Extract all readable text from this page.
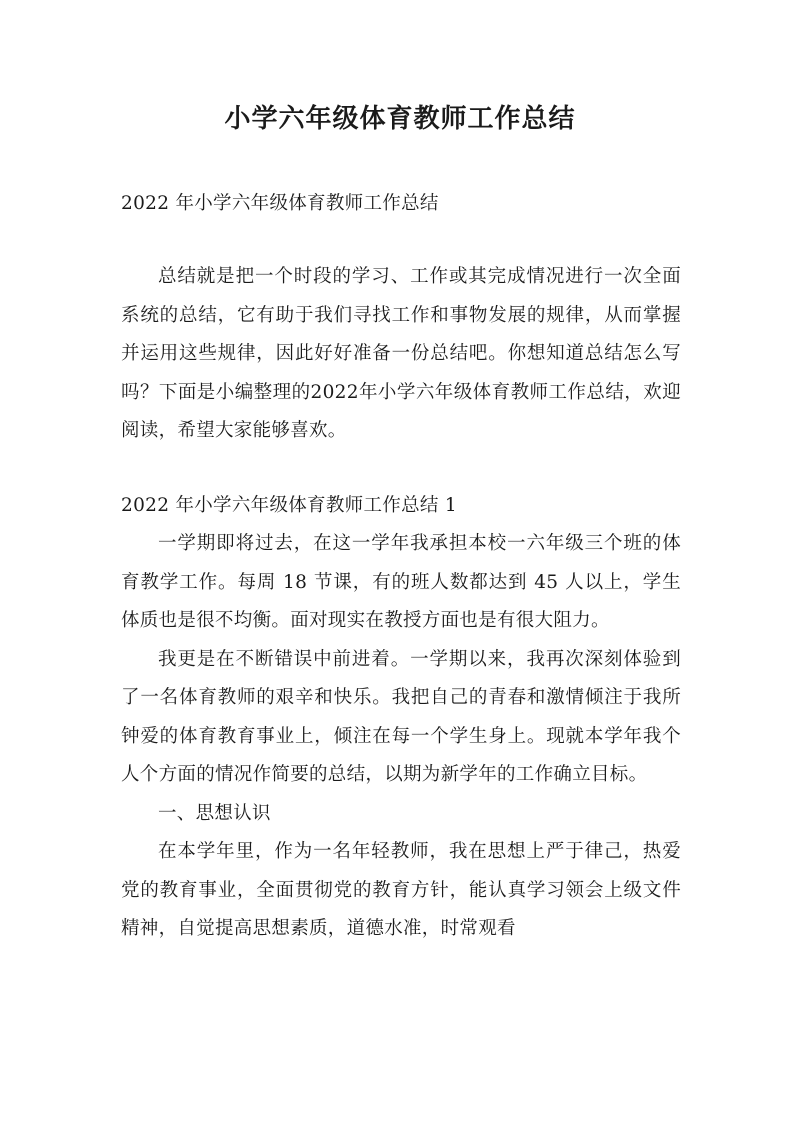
小学六年级体育教师工作总结

2022 年小学六年级体育教师工作总结

总结就是把一个时段的学习、工作或其完成情况进行一次全面系统的总结，它有助于我们寻找工作和事物发展的规律，从而掌握并运用这些规律，因此好好准备一份总结吧。你想知道总结怎么写吗？下面是小编整理的2022年小学六年级体育教师工作总结，欢迎阅读，希望大家能够喜欢。

2022 年小学六年级体育教师工作总结 1

一学期即将过去，在这一学年我承担本校一六年级三个班的体育教学工作。每周 18 节课，有的班人数都达到 45 人以上，学生体质也是很不均衡。面对现实在教授方面也是有很大阻力。

我更是在不断错误中前进着。一学期以来，我再次深刻体验到了一名体育教师的艰辛和快乐。我把自己的青春和激情倾注于我所钟爱的体育教育事业上，倾注在每一个学生身上。现就本学年我个人个方面的情况作简要的总结，以期为新学年的工作确立目标。

一、思想认识

在本学年里，作为一名年轻教师，我在思想上严于律己，热爱党的教育事业，全面贯彻党的教育方针，能认真学习领会上级文件精神，自觉提高思想素质，道德水准，时常观看
